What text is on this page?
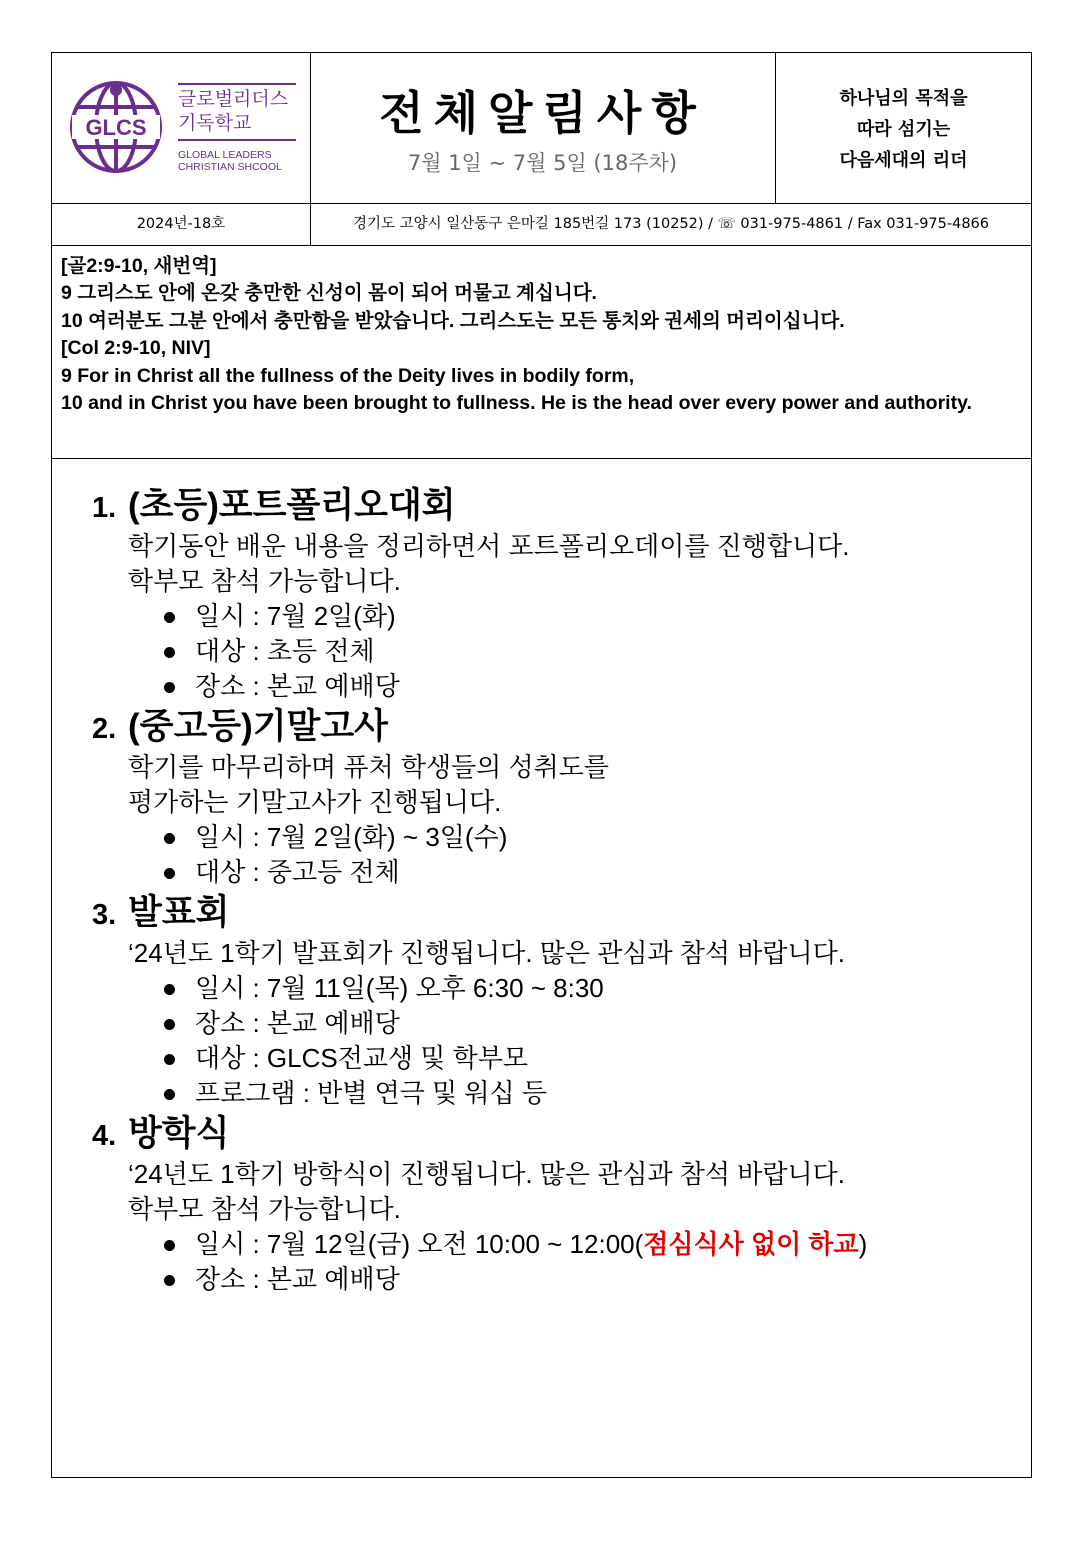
GLCS
글로벌리더스
기독학교
GLOBAL LEADERS
CHRISTIAN SHCOOL
전체알림사항
7월 1일 ~ 7월 5일 (18주차)
하나님의 목적을
따라 섬기는
다음세대의 리더
2024년-18호	경기도 고양시 일산동구 은마길 185번길 173 (10252) / ☏ 031-975-4861 / Fax 031-975-4866
[골2:9-10, 새번역]
9 그리스도 안에 온갖 충만한 신성이 몸이 되어 머물고 계십니다.
10 여러분도 그분 안에서 충만함을 받았습니다. 그리스도는 모든 통치와 권세의 머리이십니다.
[Col 2:9-10, NIV]
9 For in Christ all the fullness of the Deity lives in bodily form,
10 and in Christ you have been brought to fullness. He is the head over every power and authority.
1. (초등)포트폴리오대회
학기동안 배운 내용을 정리하면서 포트폴리오데이를 진행합니다.
학부모 참석 가능합니다.
일시 : 7월 2일(화)
대상 : 초등 전체
장소 : 본교 예배당
2. (중고등)기말고사
학기를 마무리하며 퓨처 학생들의 성취도를
평가하는 기말고사가 진행됩니다.
일시 : 7월 2일(화) ~ 3일(수)
대상 : 중고등 전체
3. 발표회
‘24년도 1학기 발표회가 진행됩니다. 많은 관심과 참석 바랍니다.
일시 : 7월 11일(목) 오후 6:30 ~ 8:30
장소 : 본교 예배당
대상 : GLCS전교생 및 학부모
프로그램 : 반별 연극 및 워십 등
4. 방학식
‘24년도 1학기 방학식이 진행됩니다. 많은 관심과 참석 바랍니다.
학부모 참석 가능합니다.
일시 : 7월 12일(금) 오전 10:00 ~ 12:00(점심식사 없이 하교)
장소 : 본교 예배당
